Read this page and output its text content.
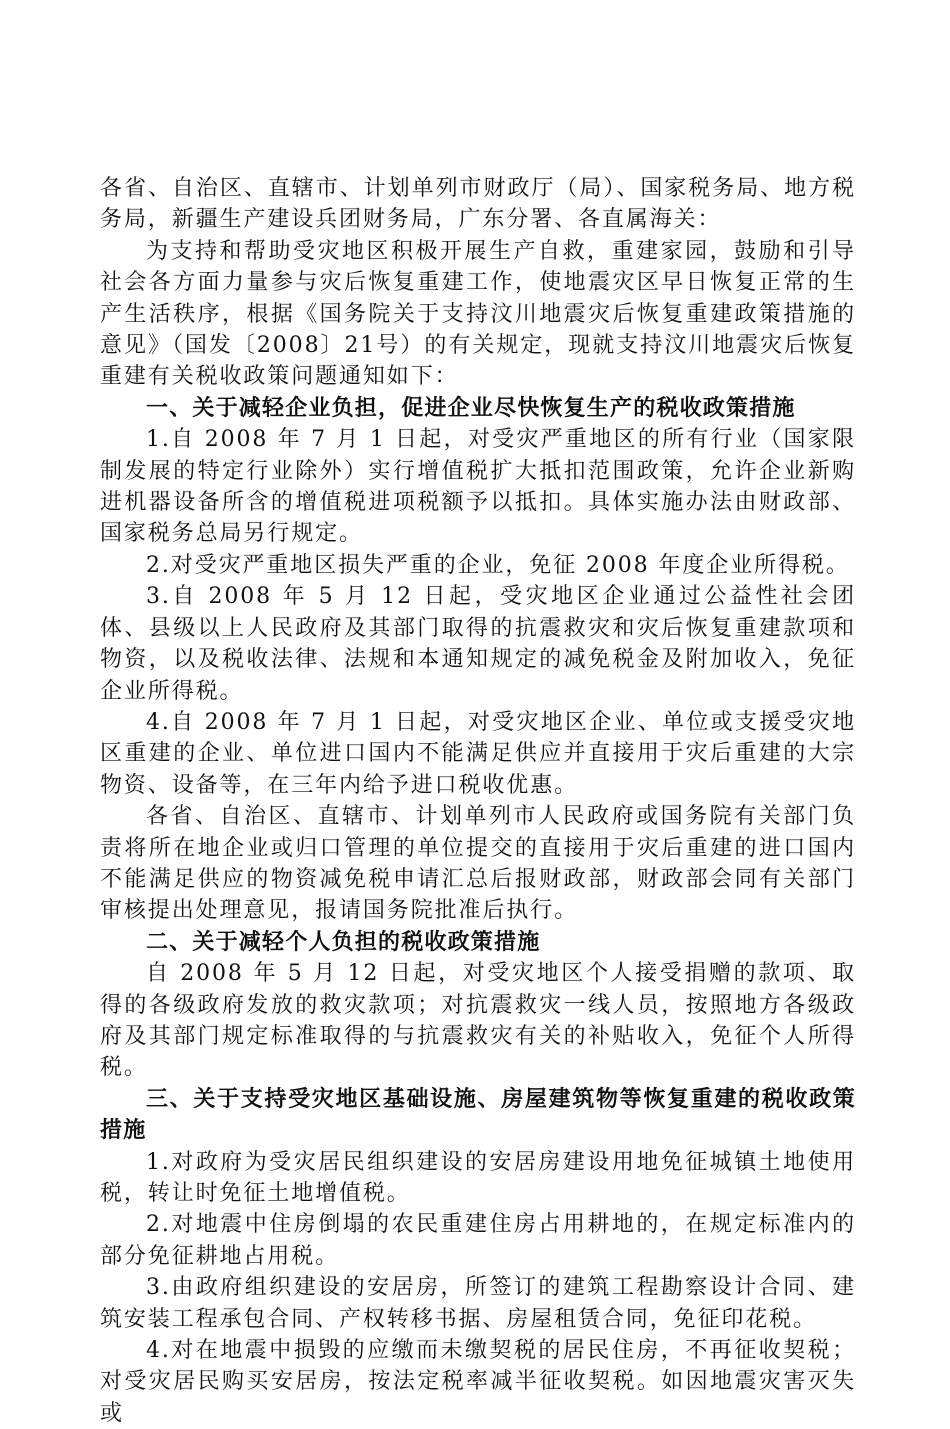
各省、自治区、直辖市、计划单列市财政厅（局）、国家税务局、地方税务局，新疆生产建设兵团财务局，广东分署、各直属海关：

为支持和帮助受灾地区积极开展生产自救，重建家园，鼓励和引导社会各方面力量参与灾后恢复重建工作，使地震灾区早日恢复正常的生产生活秩序，根据《国务院关于支持汶川地震灾后恢复重建政策措施的意见》（国发〔2008〕21号）的有关规定，现就支持汶川地震灾后恢复重建有关税收政策问题通知如下：

一、关于减轻企业负担，促进企业尽快恢复生产的税收政策措施

1.自 2008 年 7 月 1 日起，对受灾严重地区的所有行业（国家限制发展的特定行业除外）实行增值税扩大抵扣范围政策，允许企业新购进机器设备所含的增值税进项税额予以抵扣。具体实施办法由财政部、国家税务总局另行规定。

2.对受灾严重地区损失严重的企业，免征 2008 年度企业所得税。

3.自 2008 年 5 月 12 日起，受灾地区企业通过公益性社会团体、县级以上人民政府及其部门取得的抗震救灾和灾后恢复重建款项和物资，以及税收法律、法规和本通知规定的减免税金及附加收入，免征企业所得税。

4.自 2008 年 7 月 1 日起，对受灾地区企业、单位或支援受灾地区重建的企业、单位进口国内不能满足供应并直接用于灾后重建的大宗物资、设备等，在三年内给予进口税收优惠。

各省、自治区、直辖市、计划单列市人民政府或国务院有关部门负责将所在地企业或归口管理的单位提交的直接用于灾后重建的进口国内不能满足供应的物资减免税申请汇总后报财政部，财政部会同有关部门审核提出处理意见，报请国务院批准后执行。

二、关于减轻个人负担的税收政策措施

自 2008 年 5 月 12 日起，对受灾地区个人接受捐赠的款项、取得的各级政府发放的救灾款项；对抗震救灾一线人员，按照地方各级政府及其部门规定标准取得的与抗震救灾有关的补贴收入，免征个人所得税。

三、关于支持受灾地区基础设施、房屋建筑物等恢复重建的税收政策措施

1.对政府为受灾居民组织建设的安居房建设用地免征城镇土地使用税，转让时免征土地增值税。

2.对地震中住房倒塌的农民重建住房占用耕地的，在规定标准内的部分免征耕地占用税。

3.由政府组织建设的安居房，所签订的建筑工程勘察设计合同、建筑安装工程承包合同、产权转移书据、房屋租赁合同，免征印花税。

4.对在地震中损毁的应缴而未缴契税的居民住房，不再征收契税；对受灾居民购买安居房，按法定税率减半征收契税。如因地震灾害灭失或
